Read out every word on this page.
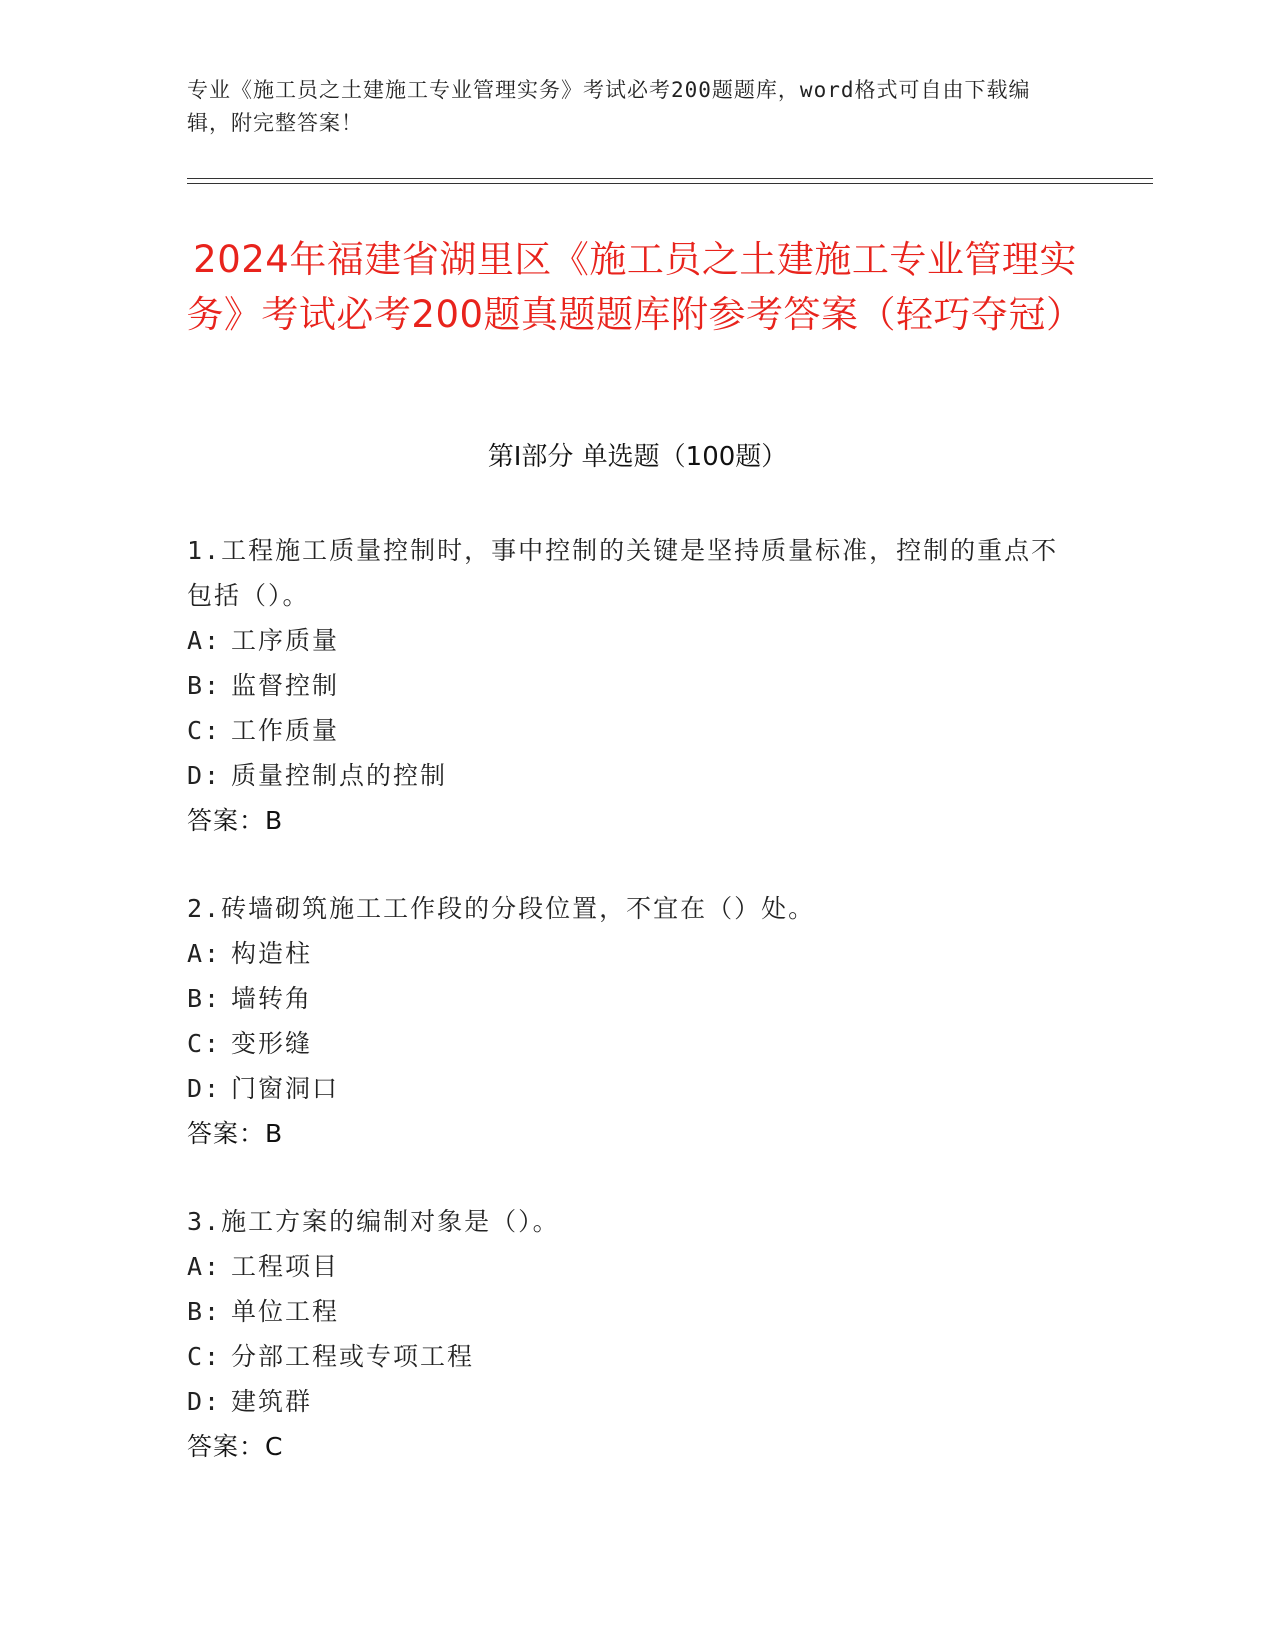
专业《施工员之土建施工专业管理实务》考试必考200题题库，word格式可自由下载编辑，附完整答案！
2024年福建省湖里区《施工员之土建施工专业管理实务》考试必考200题真题题库附参考答案（轻巧夺冠）
第I部分 单选题（100题）
1.工程施工质量控制时，事中控制的关键是坚持质量标准，控制的重点不包括（）。
A: 工序质量
B: 监督控制
C: 工作质量
D: 质量控制点的控制
答案：B
2.砖墙砌筑施工工作段的分段位置，不宜在（）处。
A: 构造柱
B: 墙转角
C: 变形缝
D: 门窗洞口
答案：B
3.施工方案的编制对象是（）。
A: 工程项目
B: 单位工程
C: 分部工程或专项工程
D: 建筑群
答案：C
